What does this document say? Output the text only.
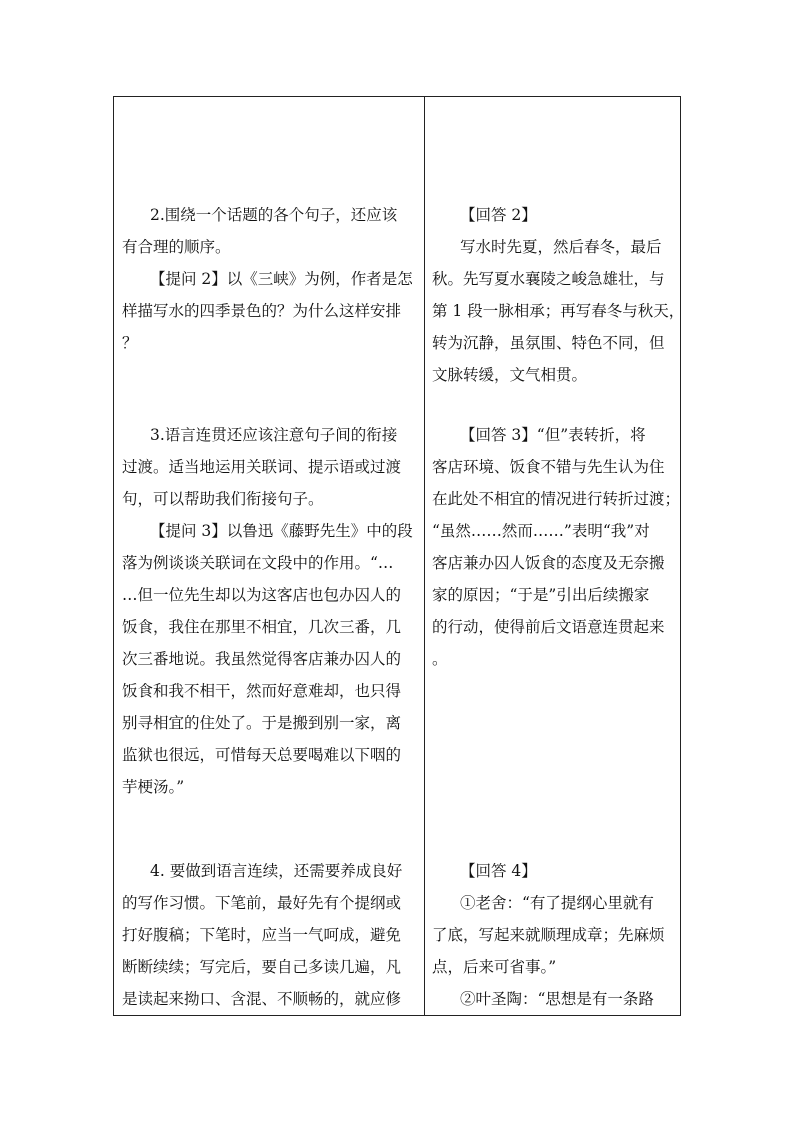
2.围绕一个话题的各个句子，还应该
有合理的顺序。
【提问 2】以《三峡》为例，作者是怎
样描写水的四季景色的？为什么这样安排
？
3.语言连贯还应该注意句子间的衔接
过渡。适当地运用关联词、提示语或过渡
句，可以帮助我们衔接句子。
【提问 3】以鲁迅《藤野先生》中的段
落为例谈谈关联词在文段中的作用。“…
…但一位先生却以为这客店也包办囚人的
饭食，我住在那里不相宜，几次三番，几
次三番地说。我虽然觉得客店兼办囚人的
饭食和我不相干，然而好意难却，也只得
别寻相宜的住处了。于是搬到别一家，离
监狱也很远，可惜每天总要喝难以下咽的
芋梗汤。”
4. 要做到语言连续，还需要养成良好
的写作习惯。下笔前，最好先有个提纲或
打好腹稿；下笔时，应当一气呵成，避免
断断续续；写完后，要自己多读几遍，凡
是读起来拗口、含混、不顺畅的，就应修
【回答 2】
写水时先夏，然后春冬，最后
秋。先写夏水襄陵之峻急雄壮，与
第 1 段一脉相承；再写春冬与秋天，
转为沉静，虽氛围、特色不同，但
文脉转缓，文气相贯。
【回答 3】“但”表转折，将
客店环境、饭食不错与先生认为住
在此处不相宜的情况进行转折过渡；
“虽然……然而……”表明“我”对
客店兼办囚人饭食的态度及无奈搬
家的原因；“于是”引出后续搬家
的行动，使得前后文语意连贯起来
。
【回答 4】
①老舍：“有了提纲心里就有
了底，写起来就顺理成章；先麻烦
点，后来可省事。”
②叶圣陶：“思想是有一条路
